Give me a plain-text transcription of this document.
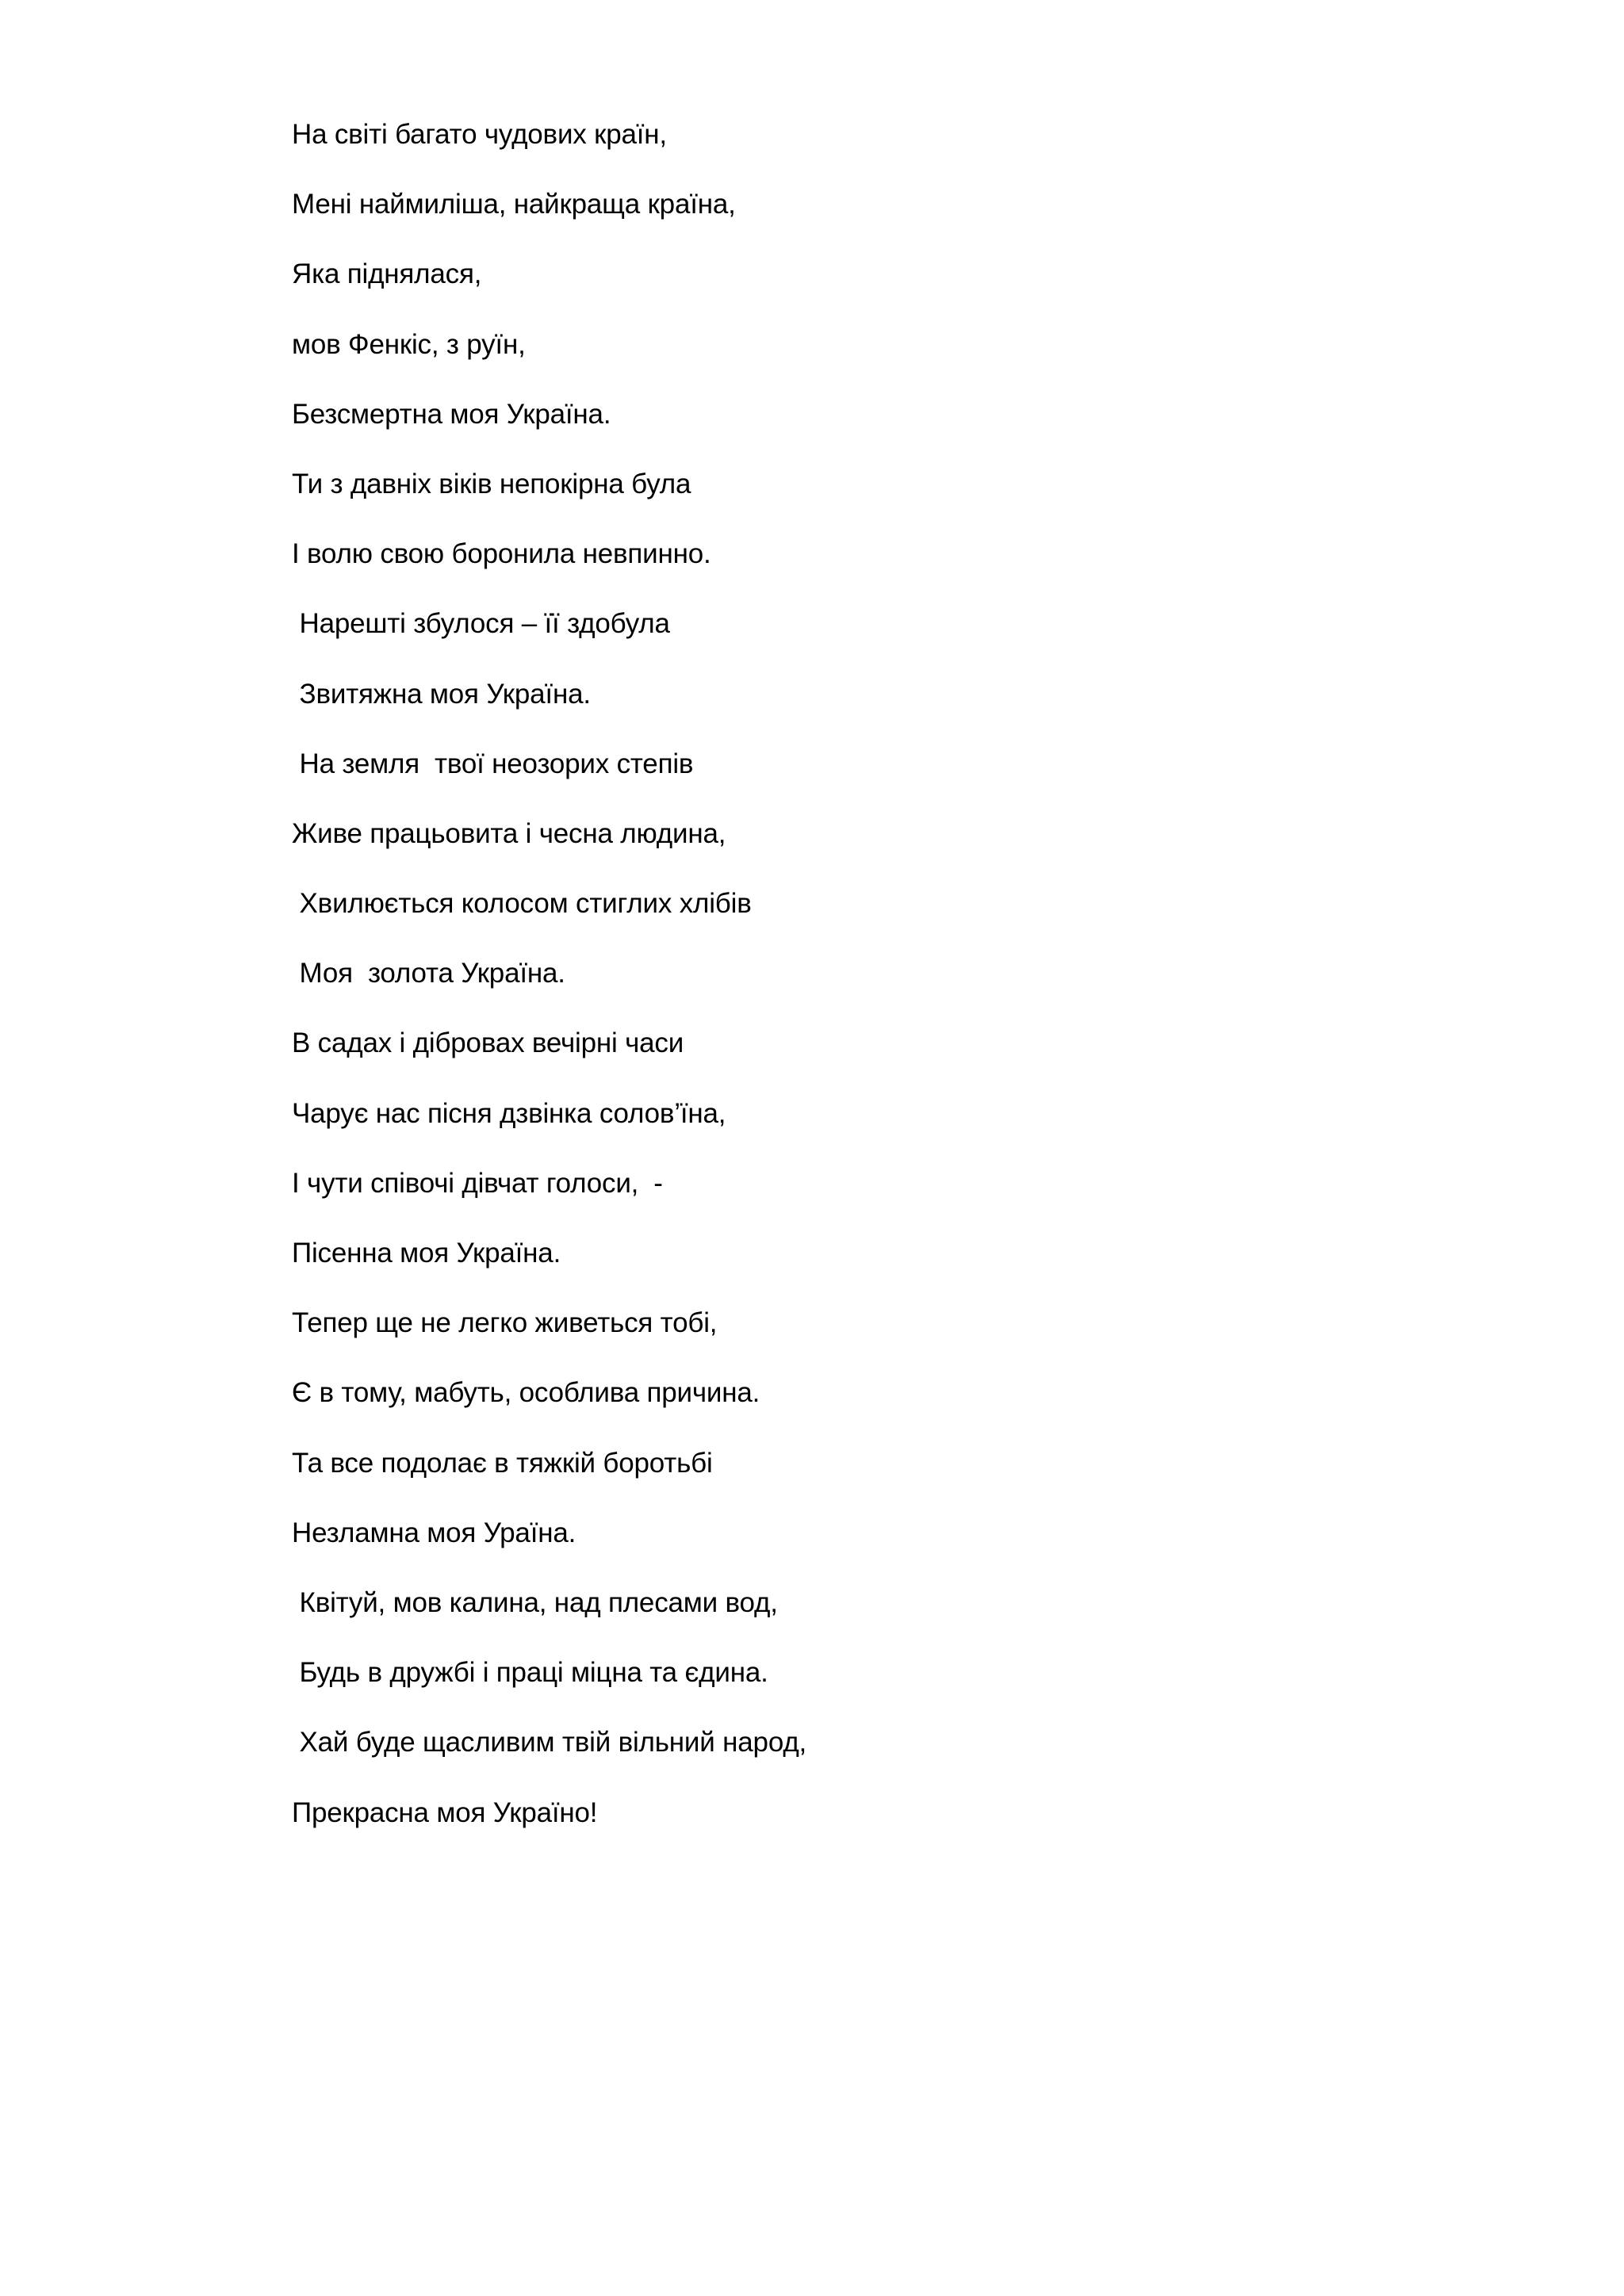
На світі багато чудових країн,
Мені наймиліша, найкраща країна,
Яка піднялася,
мов Фенкіс, з руїн,
Безсмертна моя Україна.
Ти з давніх віків непокірна була
І волю свою боронила невпинно.
Нарешті збулося – її здобула
Звитяжна моя Україна.
На земля  твої неозорих степів
Живе працьовита і чесна людина,
Хвилюється колосом стиглих хлібів
Моя  золота Україна.
В садах і дібровах вечірні часи
Чарує нас пісня дзвінка солов’їна,
І чути співочі дівчат голоси,  -
Пісенна моя Україна.
Тепер ще не легко живеться тобі,
Є в тому, мабуть, особлива причина.
Та все подолає в тяжкій боротьбі
Незламна моя Ураїна.
Квітуй, мов калина, над плесами вод,
Будь в дружбі і праці міцна та єдина.
Хай буде щасливим твій вільний народ,
Прекрасна моя Україно!
